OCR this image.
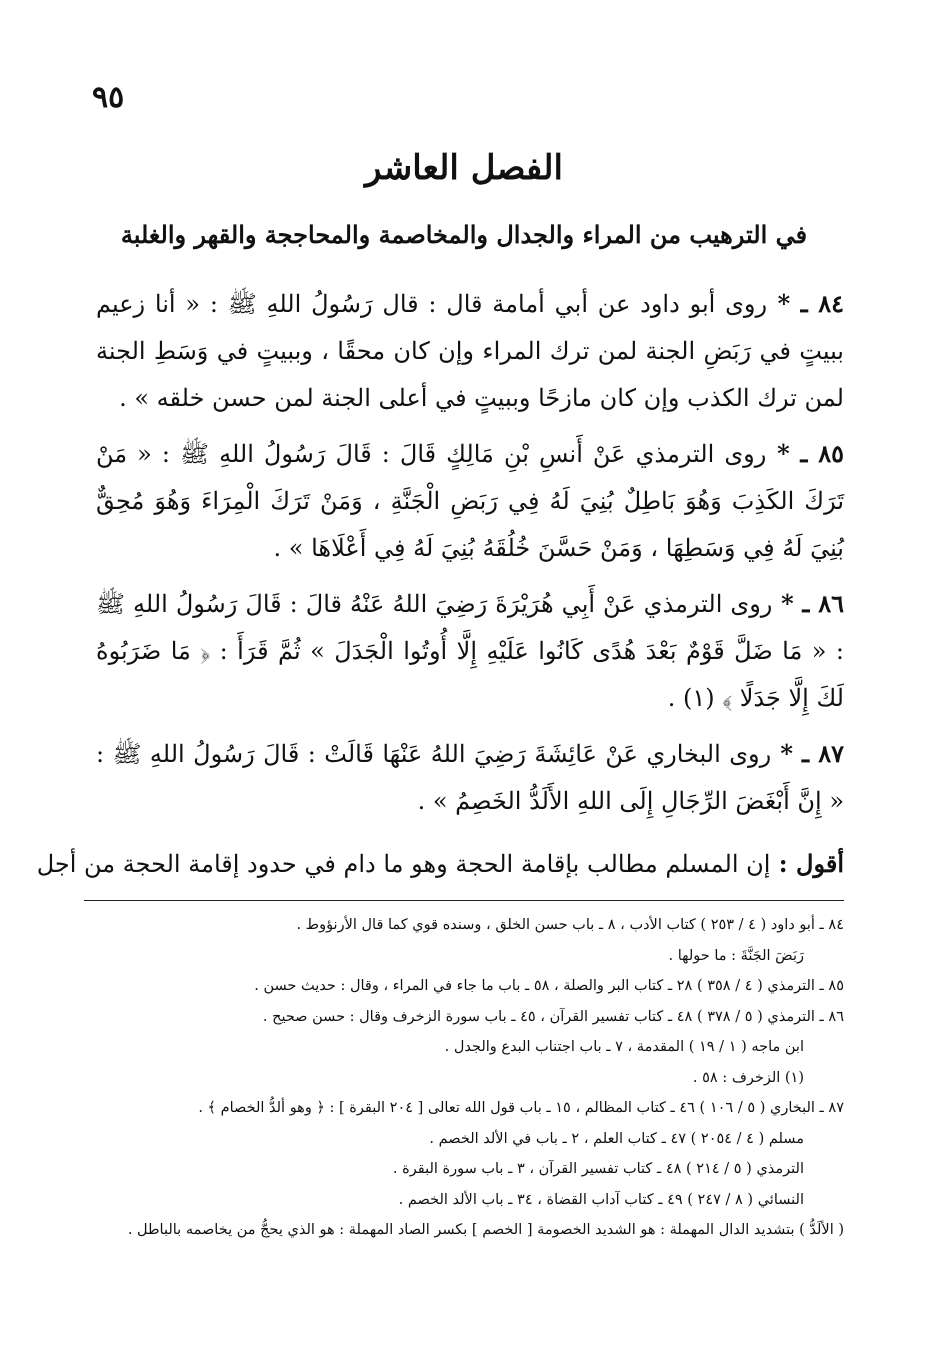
٩٥
الفصل العاشر
في الترهيب من المراء والجدال والمخاصمة والمحاججة والقهر والغلبة
٨٤ ـ * روى أبو داود عن أبي أمامة قال : قال رَسُولُ اللهِ ﷺ : « أنا زعيم ببيتٍ في رَبَضِ الجنة لمن ترك المراء وإن كان محقًا ، وببيتٍ في وَسَطِ الجنة لمن ترك الكذب وإن كان مازحًا وببيتٍ في أعلى الجنة لمن حسن خلقه » .
٨٥ ـ * روى الترمذي عَنْ أَنسِ بْنِ مَالِكٍ قَالَ : قَالَ رَسُولُ اللهِ ﷺ : « مَنْ تَرَكَ الكَذِبَ وَهُوَ بَاطِلٌ بُنِيَ لَهُ فِي رَبَضِ الْجَنَّةِ ، وَمَنْ تَرَكَ الْمِرَاءَ وَهُوَ مُحِقٌّ بُنِيَ لَهُ فِي وَسَطِهَا ، وَمَنْ حَسَّنَ خُلُقَهُ بُنِيَ لَهُ فِي أَعْلَاهَا » .
٨٦ ـ * روى الترمذي عَنْ أَبِي هُرَيْرَةَ رَضِيَ اللهُ عَنْهُ قالَ : قَالَ رَسُولُ اللهِ ﷺ : « مَا ضَلَّ قَوْمٌ بَعْدَ هُدًى كَانُوا عَلَيْهِ إِلَّا أُوتُوا الْجَدَلَ » ثُمَّ قَرَأَ : ﴿ مَا ضَرَبُوهُ لَكَ إِلَّا جَدَلًا ﴾ (١) .
٨٧ ـ * روى البخاري عَنْ عَائِشَةَ رَضِيَ اللهُ عَنْهَا قَالَتْ : قَالَ رَسُولُ اللهِ ﷺ : « إِنَّ أَبْغَضَ الرِّجَالِ إِلَى اللهِ الأَلَدُّ الخَصِمُ » .
أقول : إن المسلم مطالب بإقامة الحجة وهو ما دام في حدود إقامة الحجة من أجل
٨٤ ـ أبو داود ( ٤ / ٢٥٣ ) كتاب الأدب ، ٨ ـ باب حسن الخلق ، وسنده قوي كما قال الأرنؤوط .
رَبَضَ الجَنَّةَ : ما حولها .
٨٥ ـ الترمذي ( ٤ / ٣٥٨ ) ٢٨ ـ كتاب البر والصلة ، ٥٨ ـ باب ما جاء في المراء ، وقال : حديث حسن .
٨٦ ـ الترمذي ( ٥ / ٣٧٨ ) ٤٨ ـ كتاب تفسير القرآن ، ٤٥ ـ باب سورة الزخرف وقال : حسن صحيح .
ابن ماجه ( ١ / ١٩ ) المقدمة ، ٧ ـ باب اجتناب البدع والجدل .
(١) الزخرف : ٥٨ .
٨٧ ـ البخاري ( ٥ / ١٠٦ ) ٤٦ ـ كتاب المظالم ، ١٥ ـ باب قول الله تعالى [ ٢٠٤ البقرة ] : ﴿ وهو ألدُّ الخصام ﴾ .
مسلم ( ٤ / ٢٠٥٤ ) ٤٧ ـ كتاب العلم ، ٢ ـ باب في الألد الخصم .
الترمذي ( ٥ / ٢١٤ ) ٤٨ ـ كتاب تفسير القرآن ، ٣ ـ باب سورة البقرة .
النسائي ( ٨ / ٢٤٧ ) ٤٩ ـ كتاب آداب القضاة ، ٣٤ ـ باب الألد الخصم .
( الألَدُّ ) بتشديد الدال المهملة : هو الشديد الخصومة [ الخصم ] بكسر الصاد المهملة : هو الذي يحجُّ من يخاصمه بالباطل .
